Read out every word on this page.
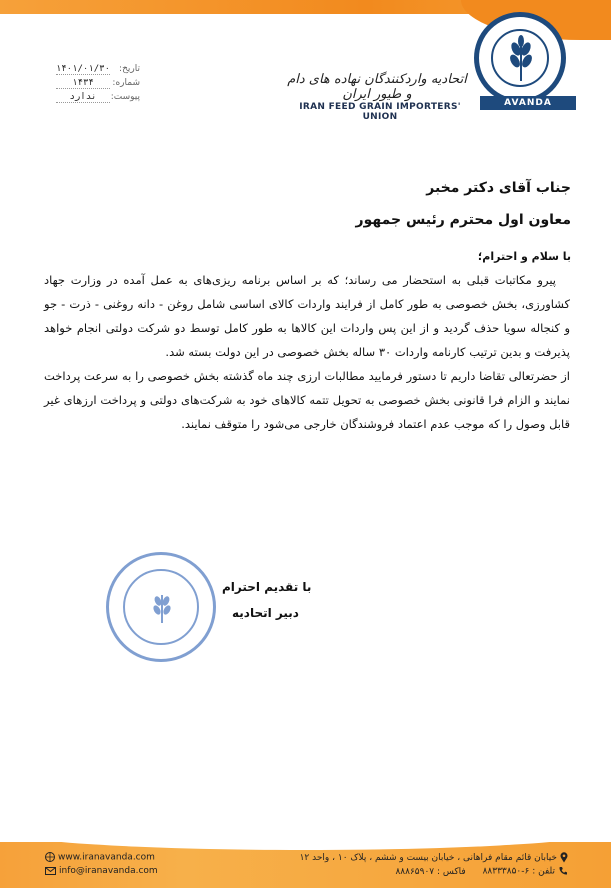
AVANDA
اتحادیه واردکنندگان نهاده های دام و طیور ایران
IRAN FEED GRAIN IMPORTERS' UNION
تاریخ:
۱۴۰۱/۰۱/۳۰
شماره:
۱۴۳۴
پیوست:
ندارد
جناب آقای دکتر مخبر
معاون اول محترم رئیس جمهور
با سلام و احترام؛

پیرو مکاتبات قبلی به استحضار می رساند؛ که بر اساس برنامه ریزی‌های به عمل آمده در وزارت جهاد کشاورزی، بخش خصوصی به طور کامل از فرایند واردات کالای اساسی شامل روغن - دانه روغنی - ذرت - جو و کنجاله سویا حذف گردید و از این پس واردات این کالاها به طور کامل توسط دو شرکت دولتی انجام خواهد پذیرفت و بدین ترتیب کارنامه واردات ۳۰ ساله بخش خصوصی در این دولت بسته شد.

از حضرتعالی تقاضا داریم تا دستور فرمایید مطالبات ارزی چند ماه گذشته بخش خصوصی را به سرعت پرداخت نمایند و الزام فرا قانونی بخش خصوصی به تحویل تتمه کالاهای خود به شرکت‌های دولتی و پرداخت ارزهای غیر قابل وصول را که موجب عدم اعتماد فروشندگان خارجی می‌شود را متوقف نمایند.

با تقدیم احترام
دبیر اتحادیه
www.iranavanda.com
info@iranavanda.com
خیابان قائم مقام فراهانی ، خیابان بیست و ششم ، پلاک ۱۰ ، واحد ۱۲
تلفن : ۶-۸۸۳۳۳۸۵۰ فاکس : ۸۸۸۶۵۹۰۷
